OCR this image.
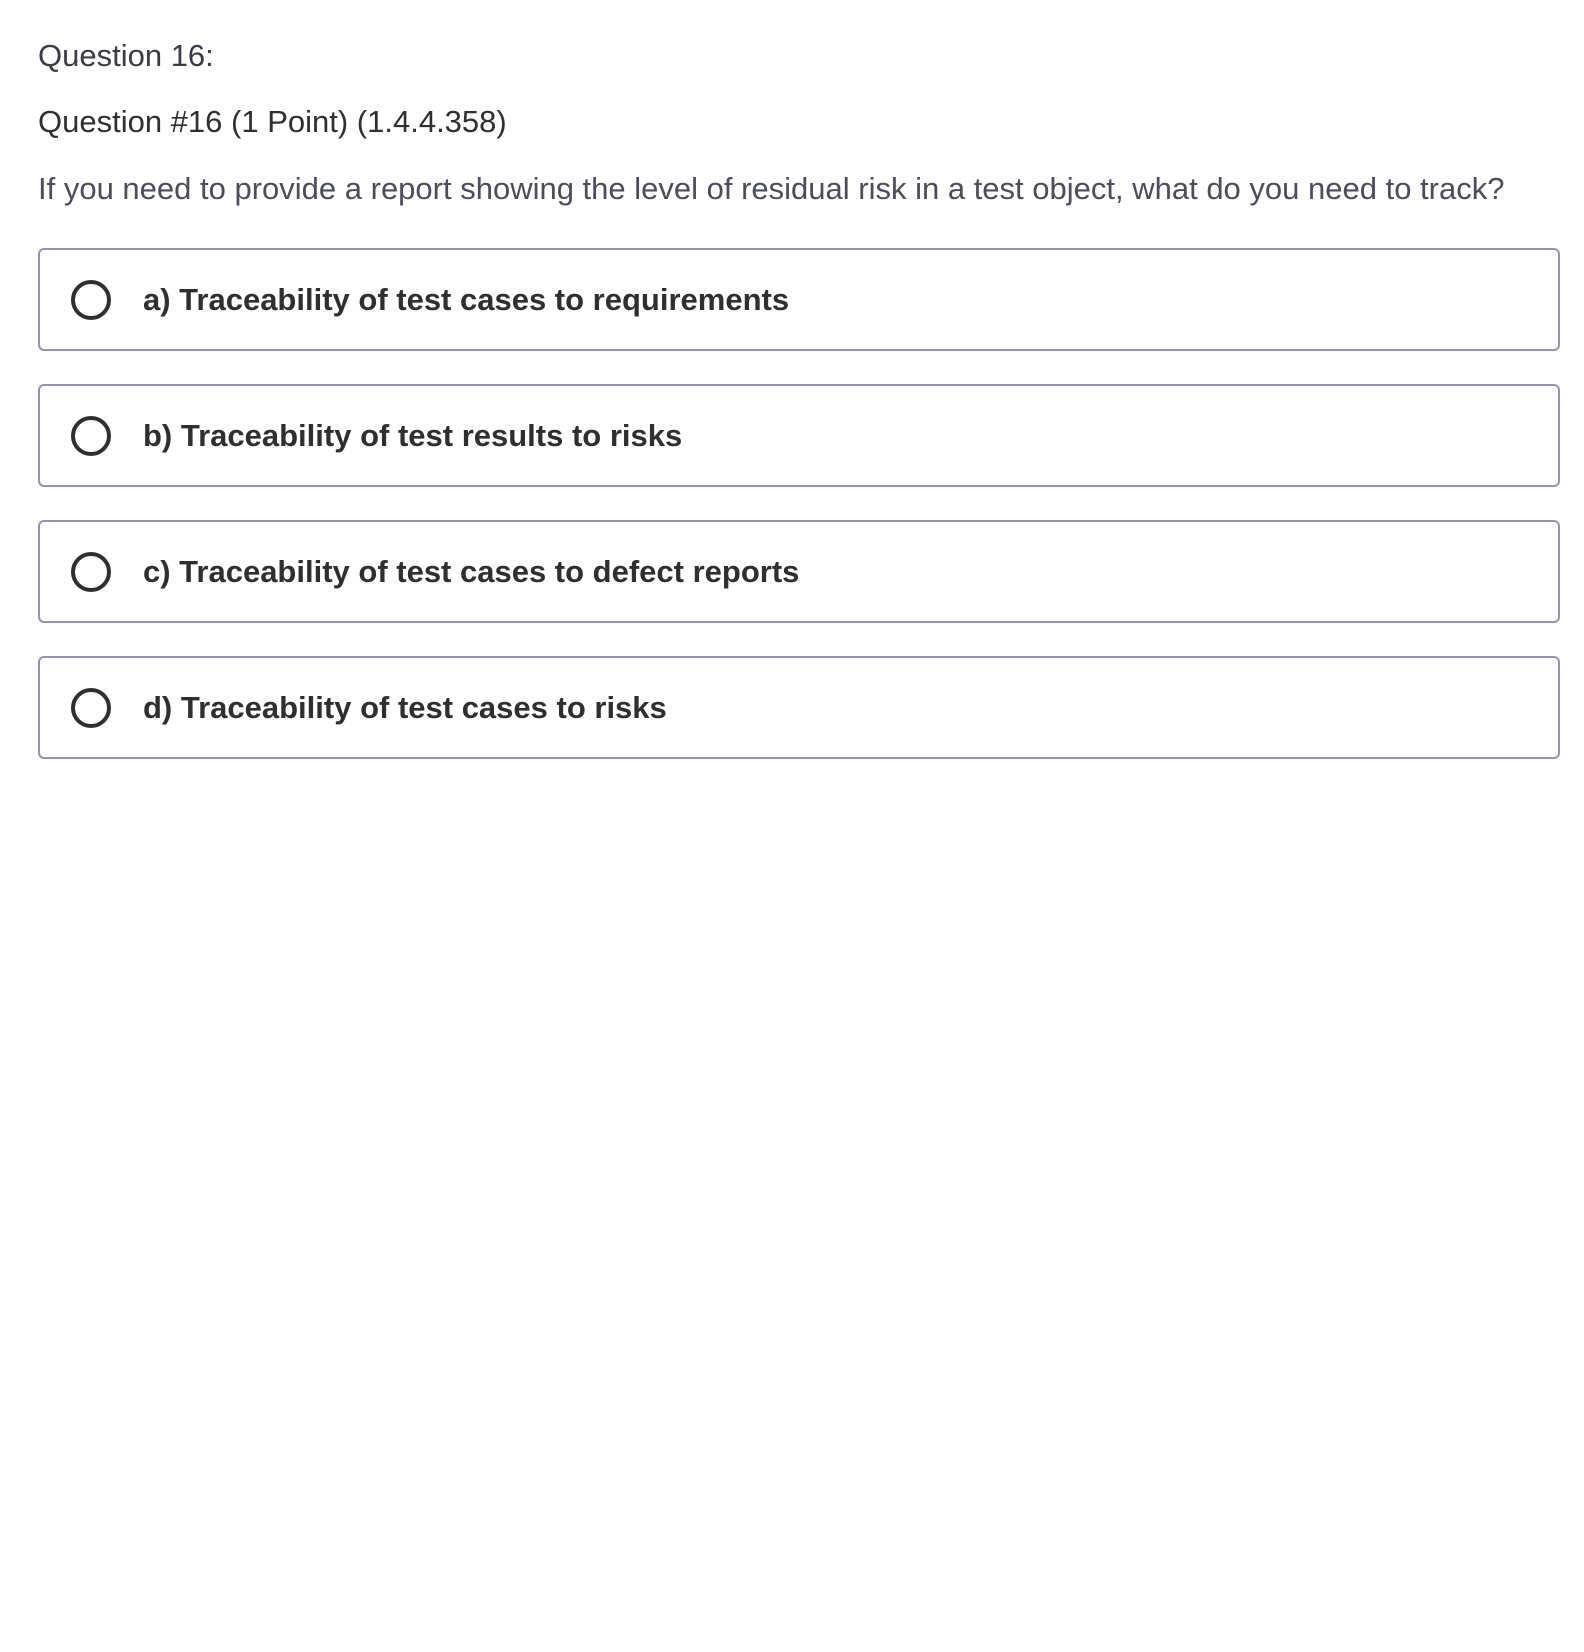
Question 16:
Question #16 (1 Point) (1.4.4.358)
If you need to provide a report showing the level of residual risk in a test object, what do you need to track?
a) Traceability of test cases to requirements
b) Traceability of test results to risks
c) Traceability of test cases to defect reports
d) Traceability of test cases to risks
